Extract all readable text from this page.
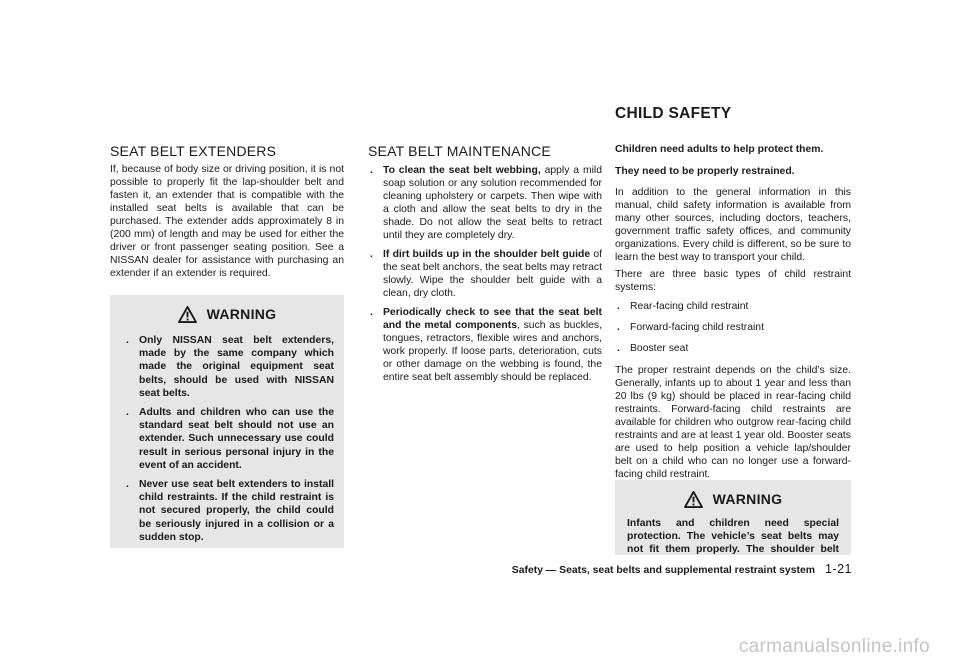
SEAT BELT EXTENDERS

If, because of body size or driving position, it is not possible to properly fit the lap-shoulder belt and fasten it, an extender that is compatible with the installed seat belts is available that can be purchased. The extender adds approximately 8 in (200 mm) of length and may be used for either the driver or front passenger seating position. See a NISSAN dealer for assistance with purchasing an extender if an extender is required.

WARNING
. Only NISSAN seat belt extenders, made by the same company which made the original equipment seat belts, should be used with NISSAN seat belts.
. Adults and children who can use the standard seat belt should not use an extender. Such unnecessary use could result in serious personal injury in the event of an accident.
. Never use seat belt extenders to install child restraints. If the child restraint is not secured properly, the child could be seriously injured in a collision or a sudden stop.
SEAT BELT MAINTENANCE
. To clean the seat belt webbing, apply a mild soap solution or any solution recommended for cleaning upholstery or carpets. Then wipe with a cloth and allow the seat belts to dry in the shade. Do not allow the seat belts to retract until they are completely dry.
. If dirt builds up in the shoulder belt guide of the seat belt anchors, the seat belts may retract slowly. Wipe the shoulder belt guide with a clean, dry cloth.
. Periodically check to see that the seat belt and the metal components, such as buckles, tongues, retractors, flexible wires and anchors, work properly. If loose parts, deterioration, cuts or other damage on the webbing is found, the entire seat belt assembly should be replaced.
CHILD SAFETY

Children need adults to help protect them.

They need to be properly restrained.

In addition to the general information in this manual, child safety information is available from many other sources, including doctors, teachers, government traffic safety offices, and community organizations. Every child is different, so be sure to learn the best way to transport your child.

There are three basic types of child restraint systems:

. Rear-facing child restraint
. Forward-facing child restraint
. Booster seat

The proper restraint depends on the child’s size. Generally, infants up to about 1 year and less than 20 lbs (9 kg) should be placed in rear-facing child restraints. Forward-facing child restraints are available for children who outgrow rear-facing child restraints and are at least 1 year old. Booster seats are used to help position a vehicle lap/shoulder belt on a child who can no longer use a forward-facing child restraint.

WARNING

Infants and children need special protection. The vehicle’s seat belts may not fit them properly. The shoulder belt

Safety — Seats, seat belts and supplemental restraint system 1-21
carmanualsonline.info
